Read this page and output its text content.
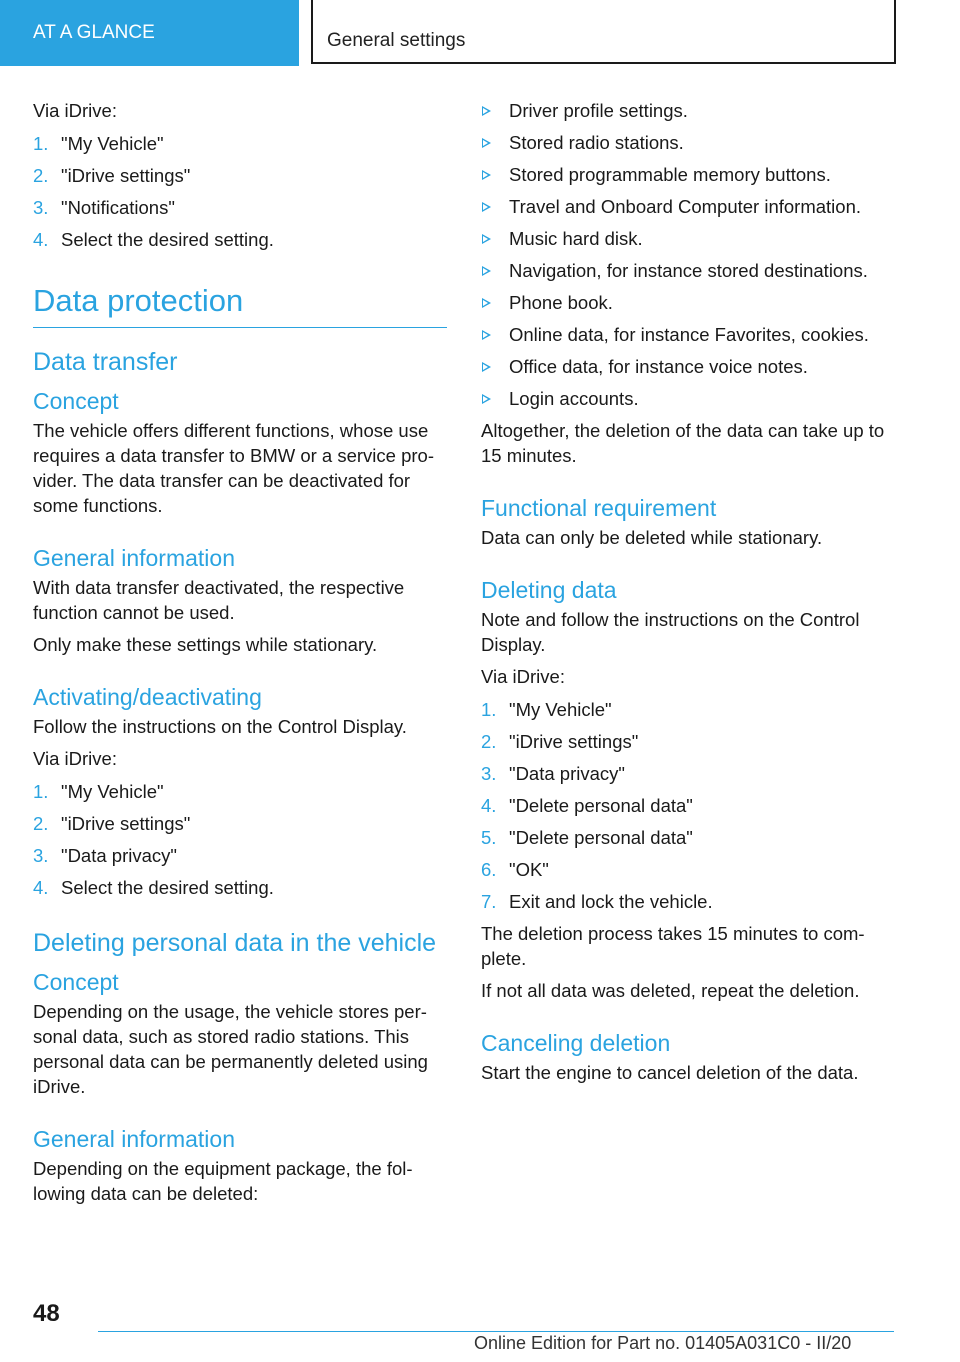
AT A GLANCE	General settings

Via iDrive:

1. "My Vehicle"
2. "iDrive settings"
3. "Notifications"
4. Select the desired setting.
Data protection
Data transfer
Concept

The vehicle offers different functions, whose use requires a data transfer to BMW or a service pro- vider. The data transfer can be deactivated for some functions.

General information

With data transfer deactivated, the respective function cannot be used.

Only make these settings while stationary.

Activating/deactivating

Follow the instructions on the Control Display.

Via iDrive:

1. "My Vehicle"
2. "iDrive settings"
3. "Data privacy"
4. Select the desired setting.
Deleting personal data in the vehicle
Concept

Depending on the usage, the vehicle stores per- sonal data, such as stored radio stations. This personal data can be permanently deleted using iDrive.

General information

Depending on the equipment package, the fol- lowing data can be deleted:

Driver profile settings.
Stored radio stations.
Stored programmable memory buttons.
Travel and Onboard Computer information.
Music hard disk.
Navigation, for instance stored destinations.
Phone book.
Online data, for instance Favorites, cookies.
Office data, for instance voice notes.
Login accounts.

Altogether, the deletion of the data can take up to 15 minutes.

Functional requirement

Data can only be deleted while stationary.

Deleting data

Note and follow the instructions on the Control Display.

Via iDrive:

1. "My Vehicle"
2. "iDrive settings"
3. "Data privacy"
4. "Delete personal data"
5. "Delete personal data"
6. "OK"
7. Exit and lock the vehicle.

The deletion process takes 15 minutes to com- plete.

If not all data was deleted, repeat the deletion.

Canceling deletion

Start the engine to cancel deletion of the data.

48
Online Edition for Part no. 01405A031C0 - II/20
